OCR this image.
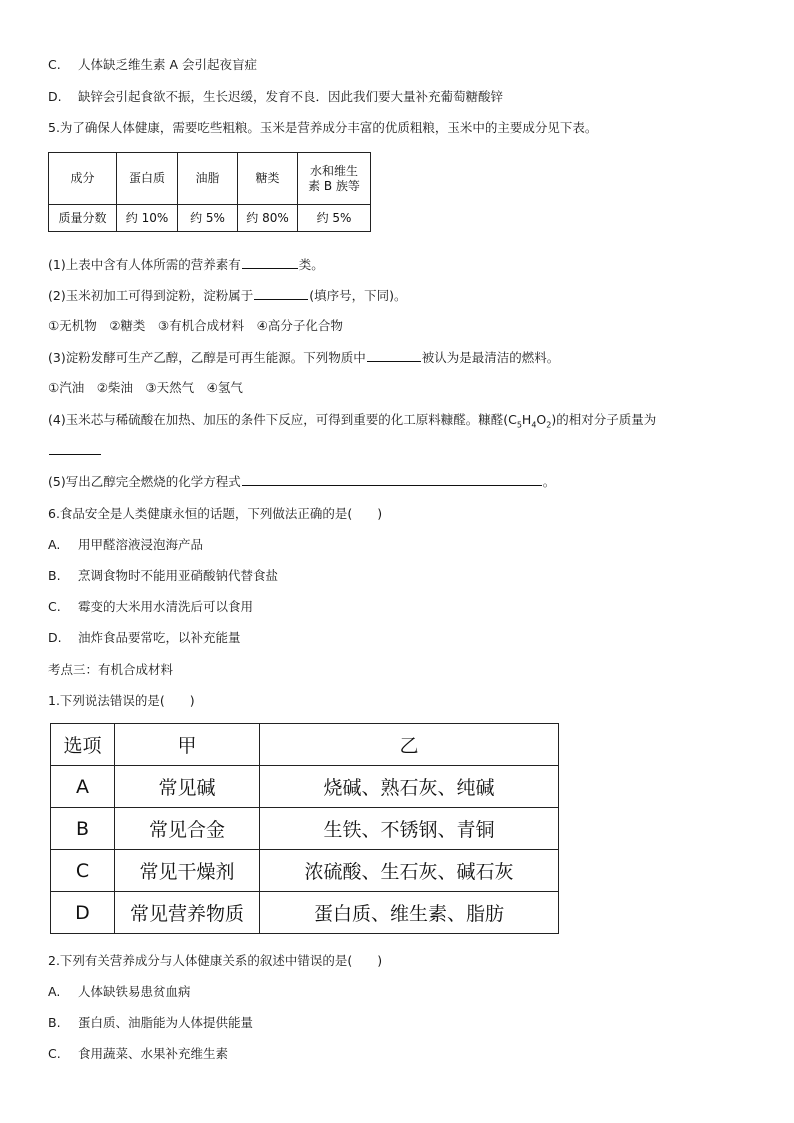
C. 人体缺乏维生素 A 会引起夜盲症
D. 缺锌会引起食欲不振，生长迟缓，发育不良．因此我们要大量补充葡萄糖酸锌
5.为了确保人体健康，需要吃些粗粮。玉米是营养成分丰富的优质粗粮，玉米中的主要成分见下表。
成分	蛋白质	油脂	糖类	水和维生
素 B 族等

质量分数	约 10%	约 5%	约 80%	约 5%
(1)上表中含有人体所需的营养素有	类。
(2)玉米初加工可得到淀粉，淀粉属于	(填序号，下同)。
①无机物　②糖类　③有机合成材料　④高分子化合物
(3)淀粉发酵可生产乙醇，乙醇是可再生能源。下列物质中	被认为是最清洁的燃料。
①汽油　②柴油　③天然气　④氢气
(4)玉米芯与稀硫酸在加热、加压的条件下反应，可得到重要的化工原料糠醛。糠醛$(C_5H_4O_2)$的相对分子质量为
(5)写出乙醇完全燃烧的化学方程式	。
6.食品安全是人类健康永恒的话题，下列做法正确的是(　　)
A. 用甲醛溶液浸泡海产品
B. 烹调食物时不能用亚硝酸钠代替食盐
C. 霉变的大米用水清洗后可以食用
D. 油炸食品要常吃，以补充能量
考点三：有机合成材料
1.下列说法错误的是(　　)
选项	甲	乙
A	常见碱	烧碱、熟石灰、纯碱
B	常见合金	生铁、不锈钢、青铜
C	常见干燥剂	浓硫酸、生石灰、碱石灰
D	常见营养物质	蛋白质、维生素、脂肪
2.下列有关营养成分与人体健康关系的叙述中错误的是(　　)
A. 人体缺铁易患贫血病
B. 蛋白质、油脂能为人体提供能量
C. 食用蔬菜、水果补充维生素
